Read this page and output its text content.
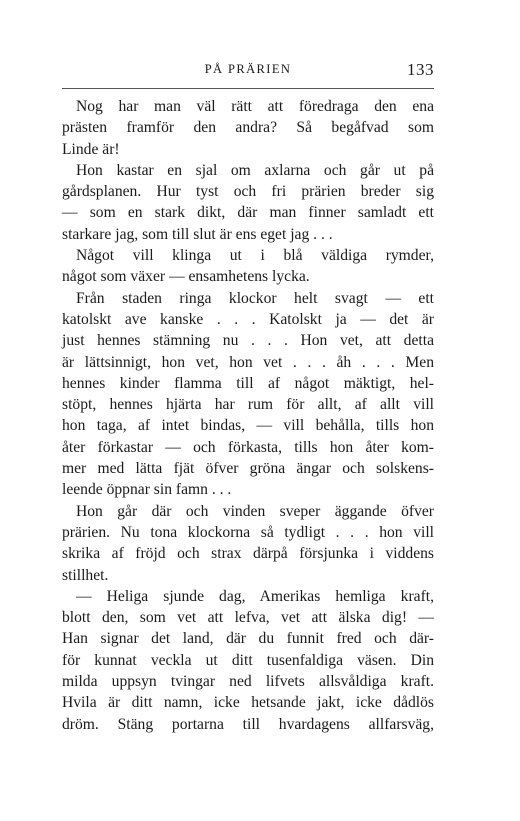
PÅ PRÄRIEN	133
Nog har man väl rätt att föredraga den ena
prästen framför den andra? Så begåfvad som
Linde är!
Hon kastar en sjal om axlarna och går ut på
gårdsplanen. Hur tyst och fri prärien breder sig
— som en stark dikt, där man finner samladt ett
starkare jag, som till slut är ens eget jag . . .
Något vill klinga ut i blå väldiga rymder,
något som växer — ensamhetens lycka.
Från staden ringa klockor helt svagt — ett
katolskt ave kanske . . . Katolskt ja — det är
just hennes stämning nu . . . Hon vet, att detta
är lättsinnigt, hon vet, hon vet . . . åh . . . Men
hennes kinder flamma till af något mäktigt, hel-
stöpt, hennes hjärta har rum för allt, af allt vill
hon taga, af intet bindas, — vill behålla, tills hon
åter förkastar — och förkasta, tills hon åter kom-
mer med lätta fjät öfver gröna ängar och solskens-
leende öppnar sin famn . . .
Hon går där och vinden sveper äggande öfver
prärien. Nu tona klockorna så tydligt . . . hon vill
skrika af fröjd och strax därpå försjunka i viddens
stillhet.
— Heliga sjunde dag, Amerikas hemliga kraft,
blott den, som vet att lefva, vet att älska dig! —
Han signar det land, där du funnit fred och där-
för kunnat veckla ut ditt tusenfaldiga väsen. Din
milda uppsyn tvingar ned lifvets allsvåldiga kraft.
Hvila är ditt namn, icke hetsande jakt, icke dådlös
dröm. Stäng portarna till hvardagens allfarsväg,
